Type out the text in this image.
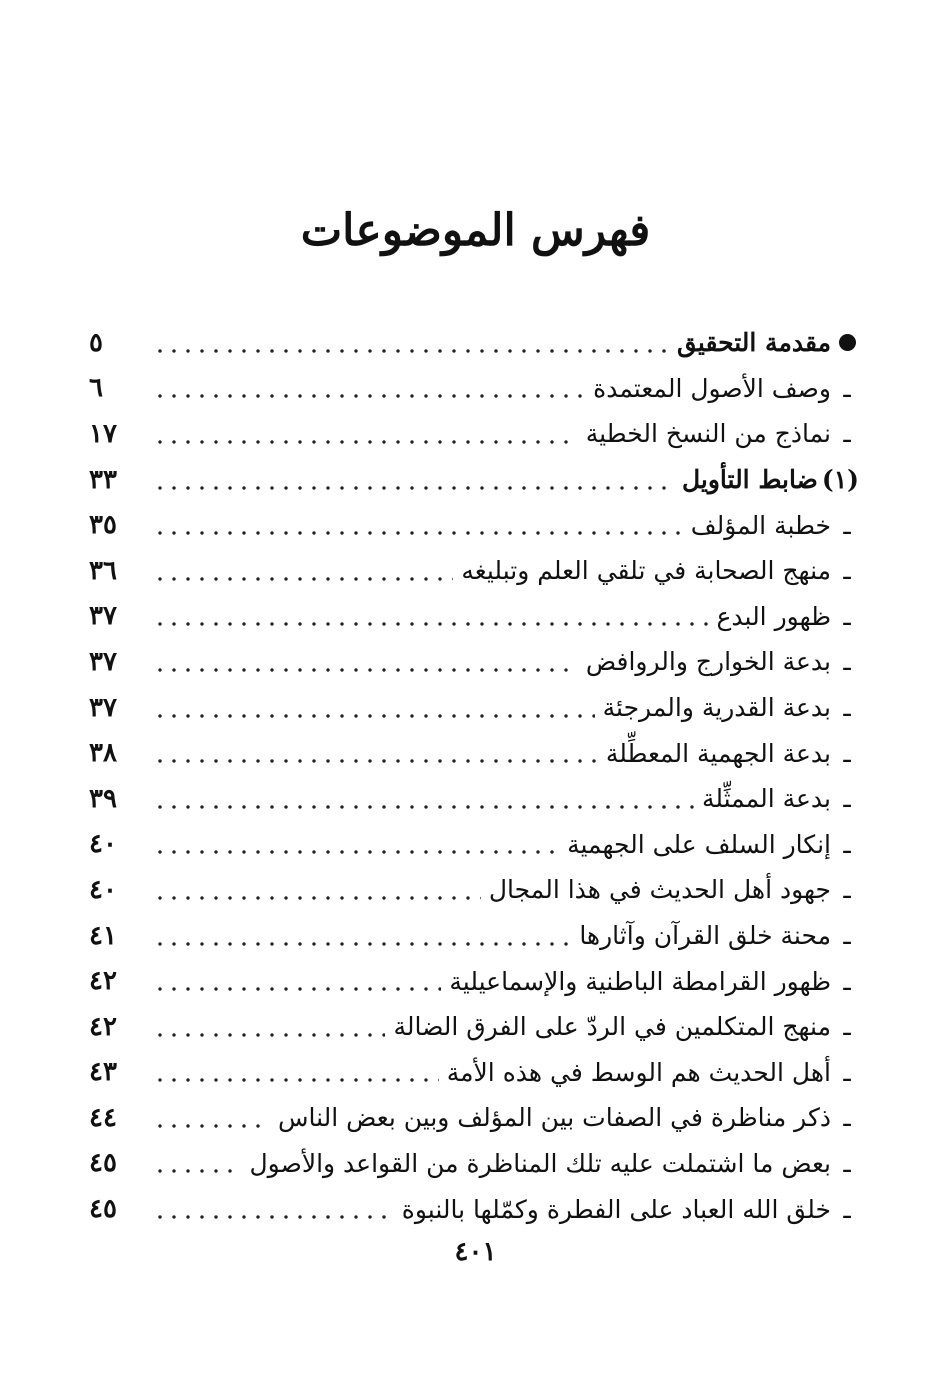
فهرس الموضوعات
مقدمة التحقيق
٥
ـ
وصف الأصول المعتمدة
٦
ـ
نماذج من النسخ الخطية
١٧
(١)
ضابط التأويل
٣٣
ـ
خطبة المؤلف
٣٥
ـ
منهج الصحابة في تلقي العلم وتبليغه
٣٦
ـ
ظهور البدع
٣٧
ـ
بدعة الخوارج والروافض
٣٧
ـ
بدعة القدرية والمرجئة
٣٧
ـ
بدعة الجهمية المعطِّلة
٣٨
ـ
بدعة الممثِّلة
٣٩
ـ
إنكار السلف على الجهمية
٤٠
ـ
جهود أهل الحديث في هذا المجال
٤٠
ـ
محنة خلق القرآن وآثارها
٤١
ـ
ظهور القرامطة الباطنية والإسماعيلية
٤٢
ـ
منهج المتكلمين في الردّ على الفرق الضالة
٤٢
ـ
أهل الحديث هم الوسط في هذه الأمة
٤٣
ـ
ذكر مناظرة في الصفات بين المؤلف وبين بعض الناس
٤٤
ـ
بعض ما اشتملت عليه تلك المناظرة من القواعد والأصول
٤٥
ـ
خلق الله العباد على الفطرة وكمّلها بالنبوة
٤٥
٤٠١
